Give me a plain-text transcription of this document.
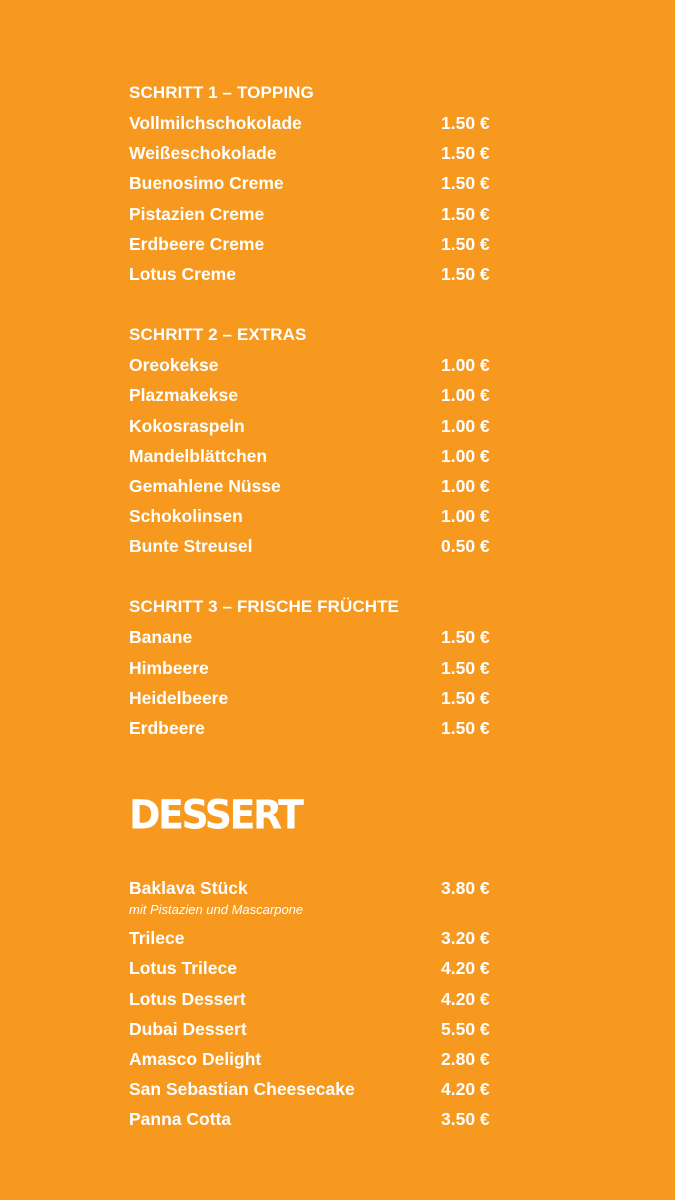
SCHRITT 1 – TOPPING
Vollmilchschokolade	1.50 €
Weißeschokolade	1.50 €
Buenosimo Creme	1.50 €
Pistazien Creme	1.50 €
Erdbeere Creme	1.50 €
Lotus Creme	1.50 €
SCHRITT 2 – EXTRAS
Oreokekse	1.00 €
Plazmakekse	1.00 €
Kokosraspeln	1.00 €
Mandelblättchen	1.00 €
Gemahlene Nüsse	1.00 €
Schokolinsen	1.00 €
Bunte Streusel	0.50 €
SCHRITT 3 – FRISCHE FRÜCHTE
Banane	1.50 €
Himbeere	1.50 €
Heidelbeere	1.50 €
Erdbeere	1.50 €
DESSERT
Baklava Stück	3.80 €
mit Pistazien und Mascarpone
Trilece	3.20 €
Lotus Trilece	4.20 €
Lotus Dessert	4.20 €
Dubai Dessert	5.50 €
Amasco Delight	2.80 €
San Sebastian Cheesecake	4.20 €
Panna Cotta	3.50 €
